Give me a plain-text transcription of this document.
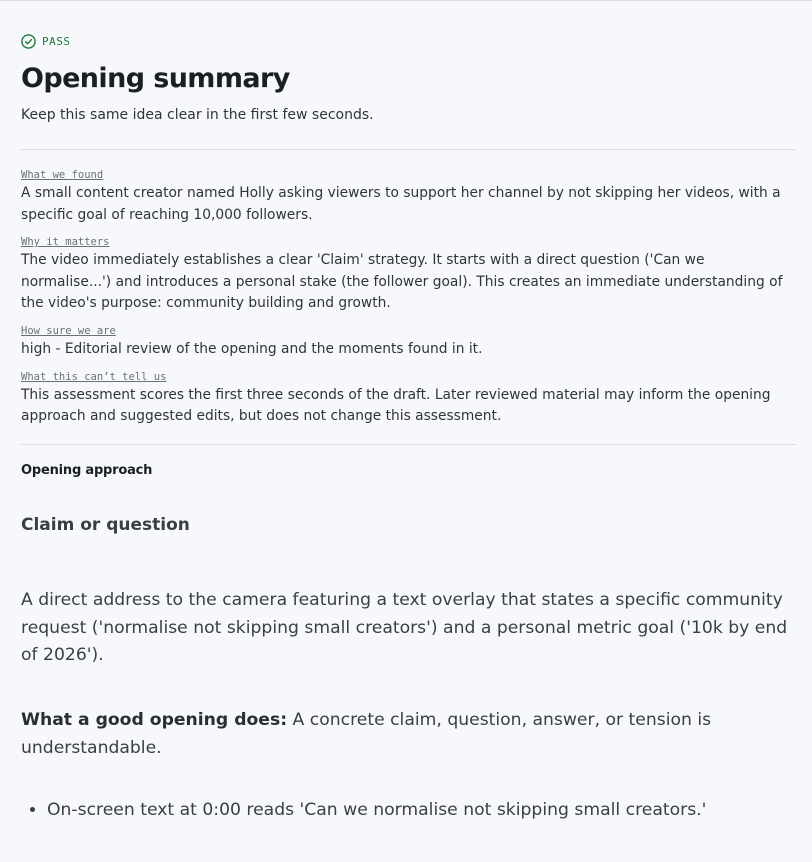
PASS
Opening summary
Keep this same idea clear in the first few seconds.
What we found
A small content creator named Holly asking viewers to support her channel by not skipping her videos, with a specific goal of reaching 10,000 followers.
Why it matters
The video immediately establishes a clear 'Claim' strategy. It starts with a direct question ('Can we normalise...') and introduces a personal stake (the follower goal). This creates an immediate understanding of the video's purpose: community building and growth.
How sure we are
high - Editorial review of the opening and the moments found in it.
What this can’t tell us
This assessment scores the first three seconds of the draft. Later reviewed material may inform the opening approach and suggested edits, but does not change this assessment.
Opening approach
Claim or question
A direct address to the camera featuring a text overlay that states a specific community request ('normalise not skipping small creators') and a personal metric goal ('10k by end of 2026').
What a good opening does: A concrete claim, question, answer, or tension is understandable.
• On-screen text at 0:00 reads 'Can we normalise not skipping small creators.'
